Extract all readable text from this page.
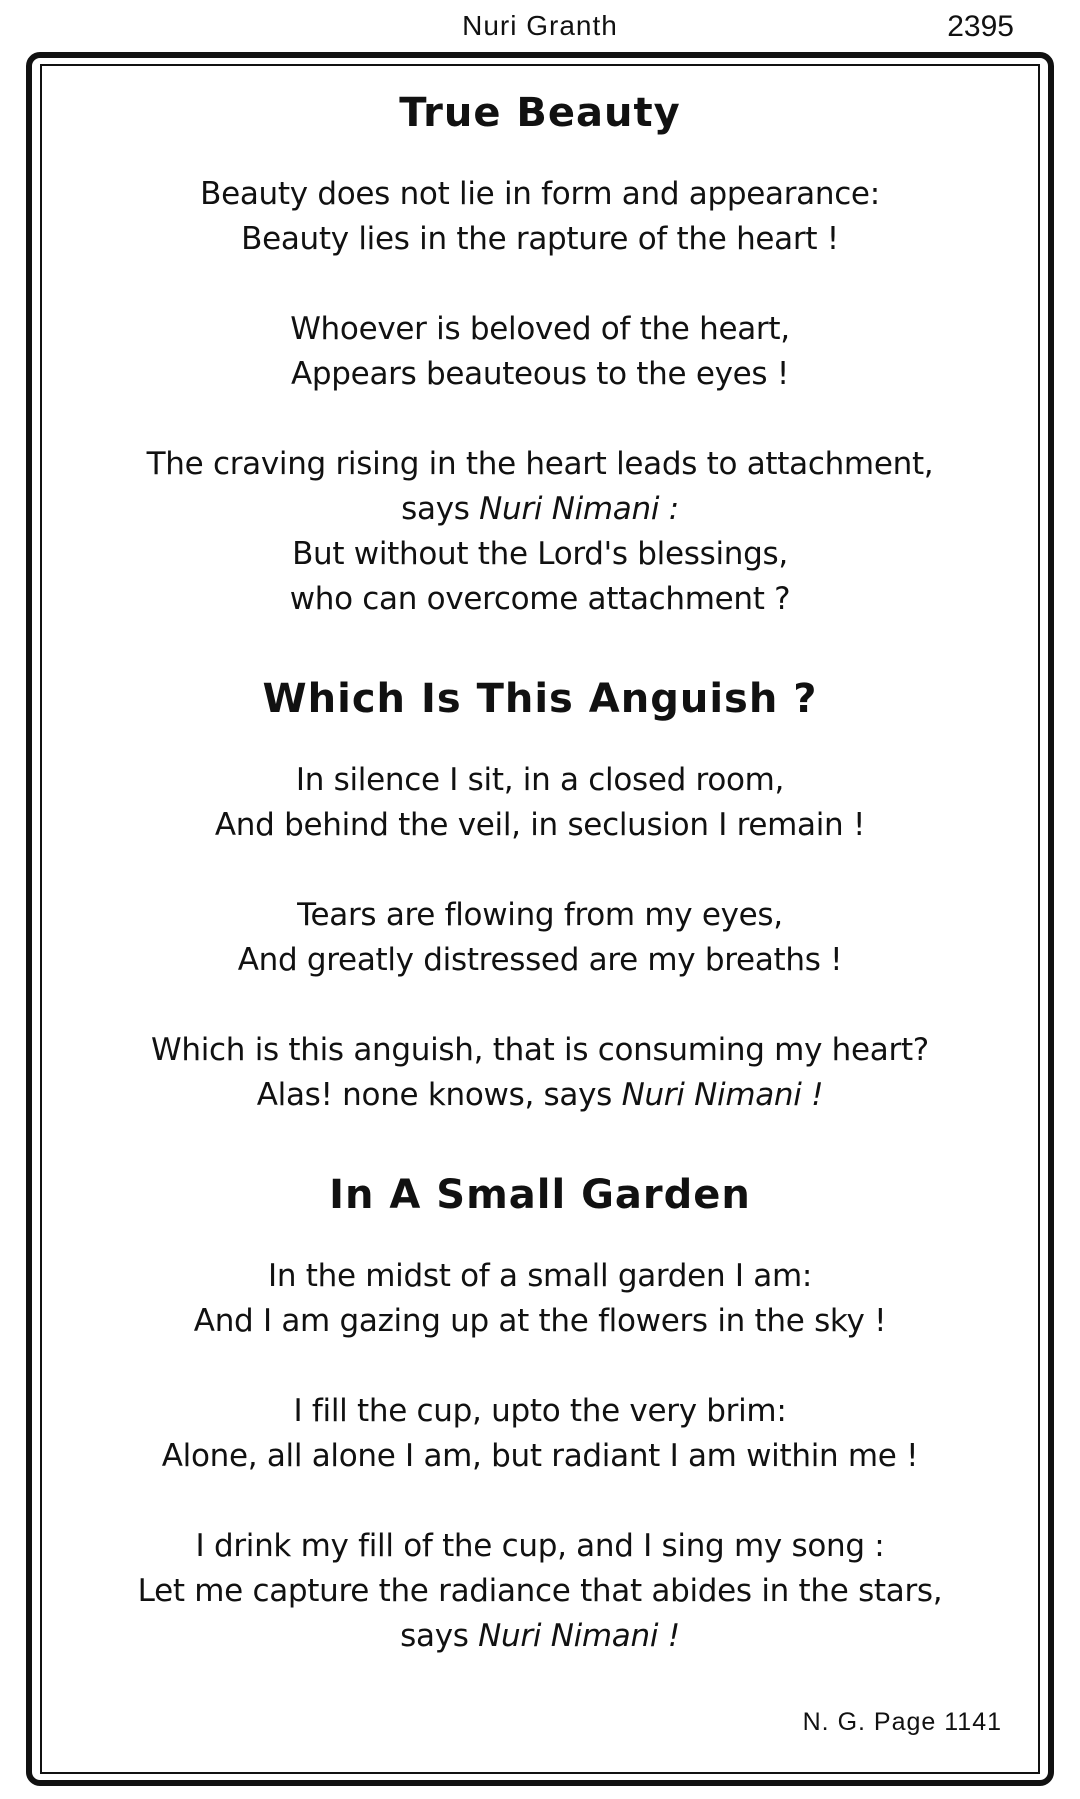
Nuri Granth	2395
True Beauty

Beauty does not lie in form and appearance:
Beauty lies in the rapture of the heart !

Whoever is beloved of the heart,
Appears beauteous to the eyes !

The craving rising in the heart leads to attachment,
says Nuri Nimani :
But without the Lord's blessings,
who can overcome attachment ?

Which Is This Anguish ?

In silence I sit, in a closed room,
And behind the veil, in seclusion I remain !

Tears are flowing from my eyes,
And greatly distressed are my breaths !

Which is this anguish, that is consuming my heart?
Alas! none knows, says Nuri Nimani !

In A Small Garden

In the midst of a small garden I am:
And I am gazing up at the flowers in the sky !

I fill the cup, upto the very brim:
Alone, all alone I am, but radiant I am within me !

I drink my fill of the cup, and I sing my song :
Let me capture the radiance that abides in the stars,
says Nuri Nimani !

N. G. Page 1141
